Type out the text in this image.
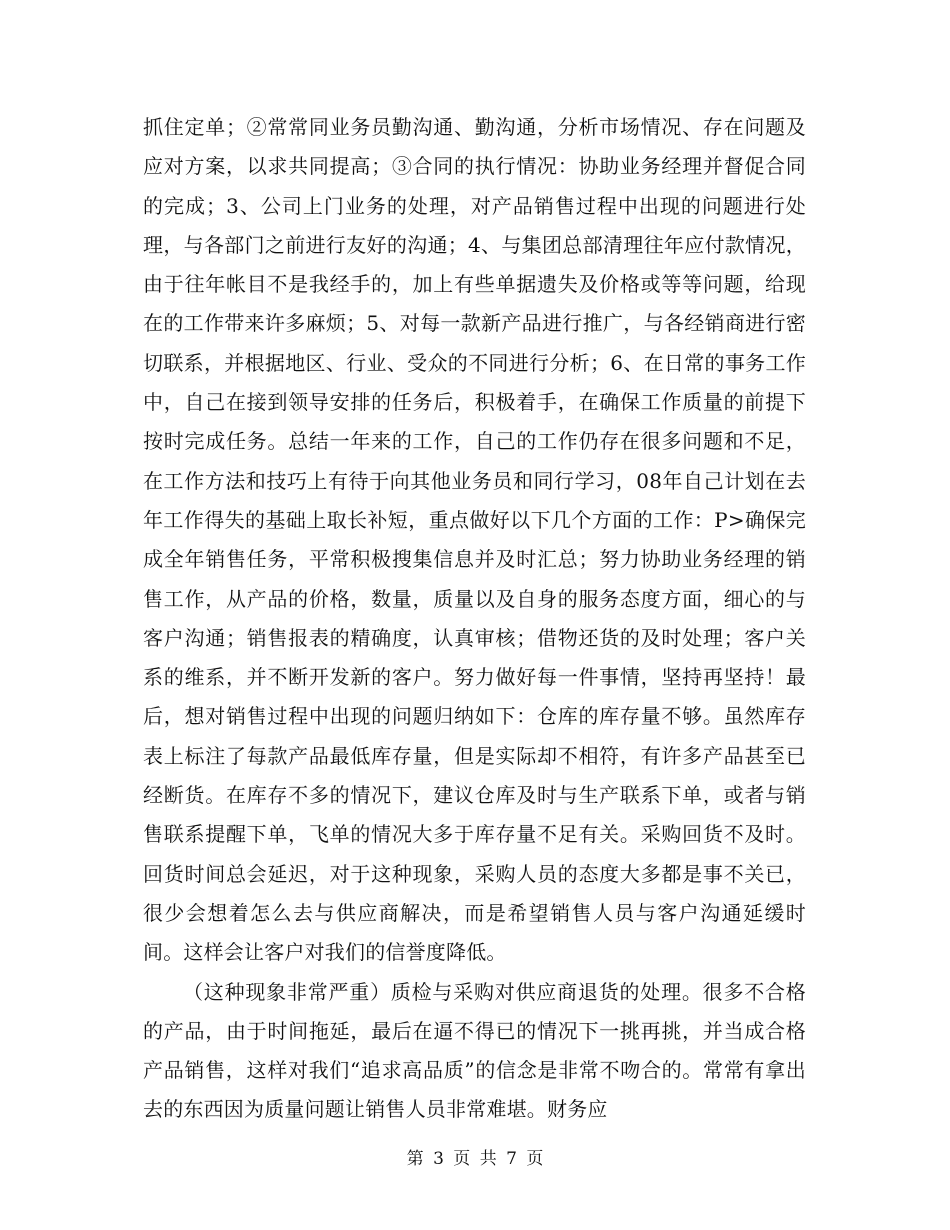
抓住定单；②常常同业务员勤沟通、勤沟通，分析市场情况、存在问题及应对方案，以求共同提高；③合同的执行情况：协助业务经理并督促合同的完成；3、公司上门业务的处理，对产品销售过程中出现的问题进行处理，与各部门之前进行友好的沟通；4、与集团总部清理往年应付款情况，由于往年帐目不是我经手的，加上有些单据遗失及价格或等等问题，给现在的工作带来许多麻烦；5、对每一款新产品进行推广，与各经销商进行密切联系，并根据地区、行业、受众的不同进行分析；6、在日常的事务工作中，自己在接到领导安排的任务后，积极着手，在确保工作质量的前提下按时完成任务。总结一年来的工作，自己的工作仍存在很多问题和不足，在工作方法和技巧上有待于向其他业务员和同行学习，08年自己计划在去年工作得失的基础上取长补短，重点做好以下几个方面的工作：P>确保完成全年销售任务，平常积极搜集信息并及时汇总；努力协助业务经理的销售工作，从产品的价格，数量，质量以及自身的服务态度方面，细心的与客户沟通；销售报表的精确度，认真审核；借物还货的及时处理；客户关系的维系，并不断开发新的客户。努力做好每一件事情，坚持再坚持！最后，想对销售过程中出现的问题归纳如下：仓库的库存量不够。虽然库存表上标注了每款产品最低库存量，但是实际却不相符，有许多产品甚至已经断货。在库存不多的情况下，建议仓库及时与生产联系下单，或者与销售联系提醒下单，飞单的情况大多于库存量不足有关。采购回货不及时。回货时间总会延迟，对于这种现象，采购人员的态度大多都是事不关已，很少会想着怎么去与供应商解决，而是希望销售人员与客户沟通延缓时间。这样会让客户对我们的信誉度降低。

（这种现象非常严重）质检与采购对供应商退货的处理。很多不合格的产品，由于时间拖延，最后在逼不得已的情况下一挑再挑，并当成合格产品销售，这样对我们“追求高品质”的信念是非常不吻合的。常常有拿出去的东西因为质量问题让销售人员非常难堪。财务应

第 3 页 共 7 页
